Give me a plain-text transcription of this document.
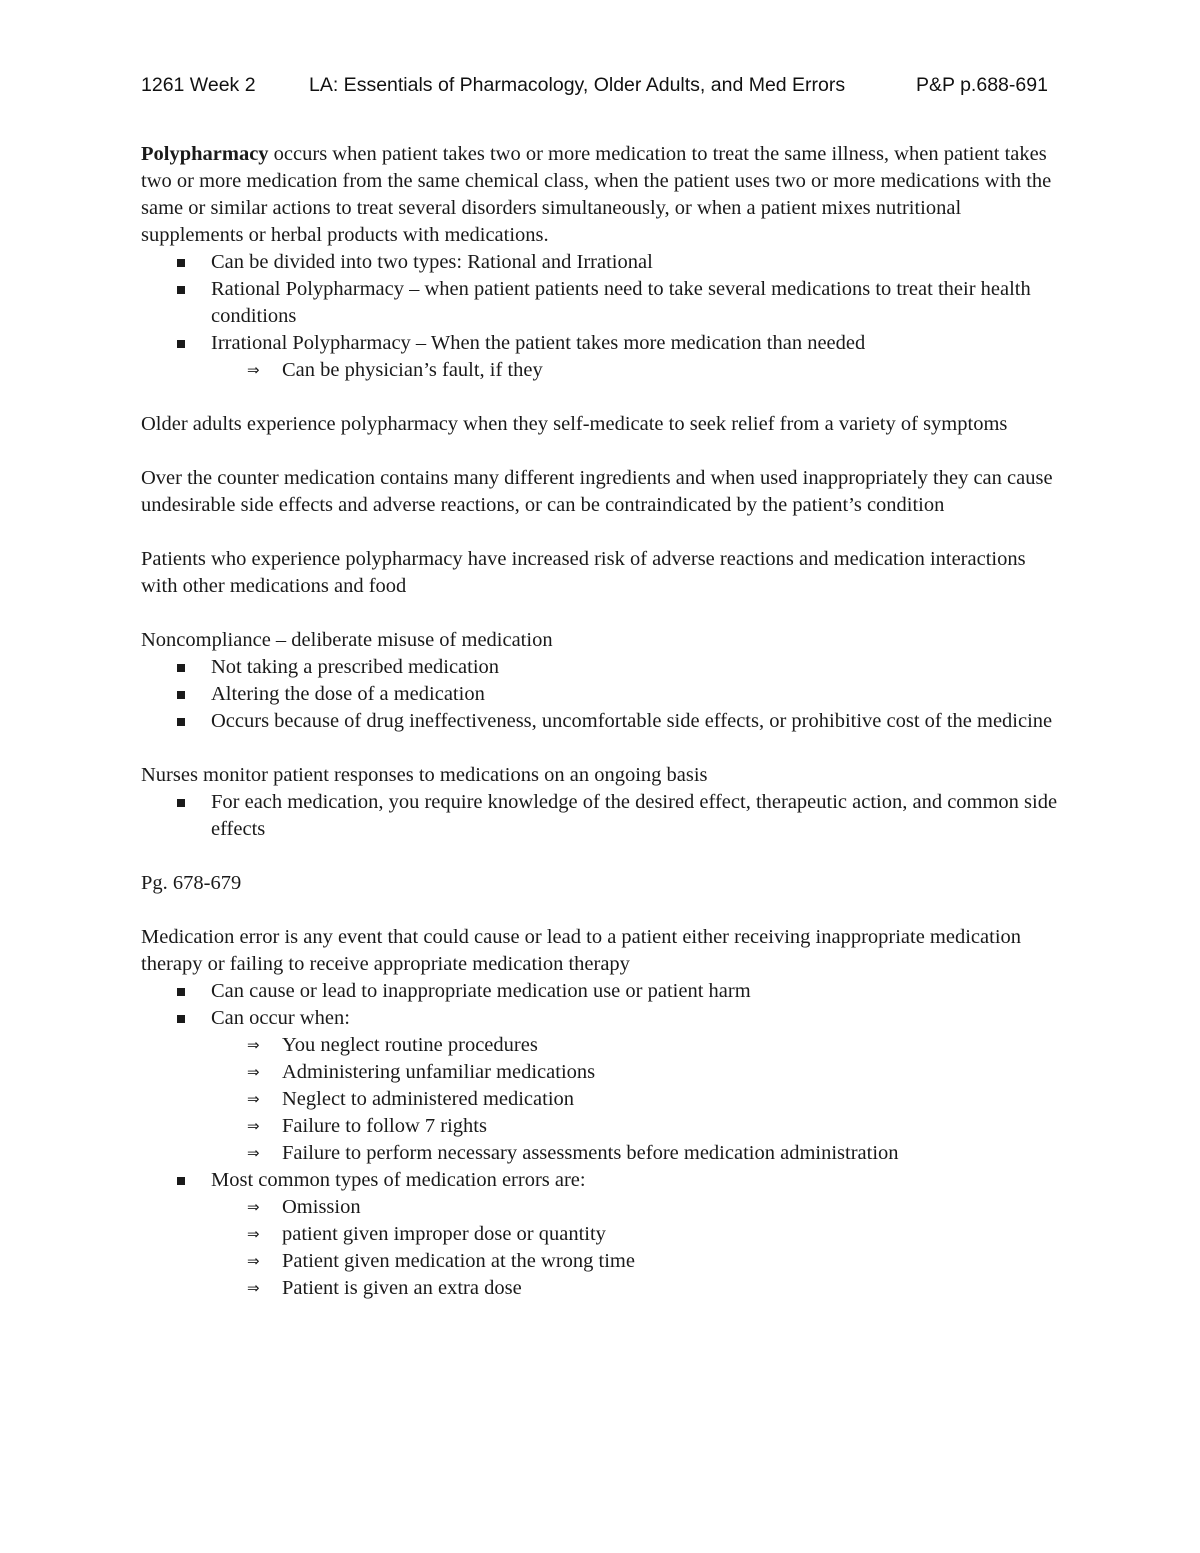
1261 Week 2	LA: Essentials of Pharmacology, Older Adults, and Med Errors	P&P p.688-691

Polypharmacy occurs when patient takes two or more medication to treat the same illness, when patient takes two or more medication from the same chemical class, when the patient uses two or more medications with the same or similar actions to treat several disorders simultaneously, or when a patient mixes nutritional supplements or herbal products with medications.

Can be divided into two types: Rational and Irrational
Rational Polypharmacy – when patient patients need to take several medications to treat their health conditions
Irrational Polypharmacy – When the patient takes more medication than needed
⇒ Can be physician’s fault, if they

Older adults experience polypharmacy when they self-medicate to seek relief from a variety of symptoms

Over the counter medication contains many different ingredients and when used inappropriately they can cause undesirable side effects and adverse reactions, or can be contraindicated by the patient’s condition

Patients who experience polypharmacy have increased risk of adverse reactions and medication interactions with other medications and food

Noncompliance – deliberate misuse of medication

Not taking a prescribed medication
Altering the dose of a medication
Occurs because of drug ineffectiveness, uncomfortable side effects, or prohibitive cost of the medicine

Nurses monitor patient responses to medications on an ongoing basis

For each medication, you require knowledge of the desired effect, therapeutic action, and common side effects

Pg. 678-679

Medication error is any event that could cause or lead to a patient either receiving inappropriate medication therapy or failing to receive appropriate medication therapy

Can cause or lead to inappropriate medication use or patient harm
Can occur when:
⇒ You neglect routine procedures
⇒ Administering unfamiliar medications
⇒ Neglect to administered medication
⇒ Failure to follow 7 rights
⇒ Failure to perform necessary assessments before medication administration
Most common types of medication errors are:
⇒ Omission
⇒ patient given improper dose or quantity
⇒ Patient given medication at the wrong time
⇒ Patient is given an extra dose
